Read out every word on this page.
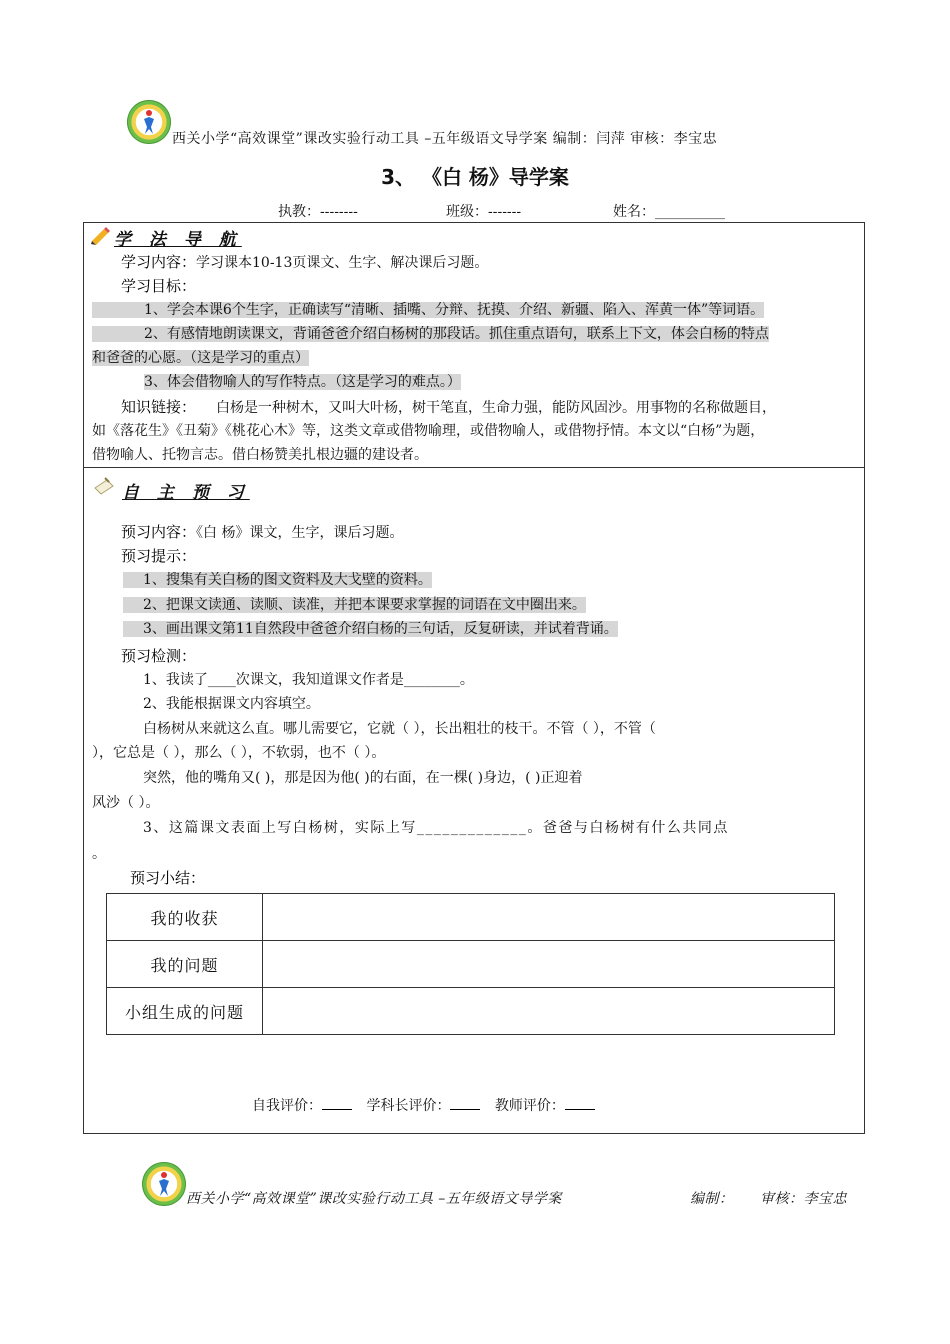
西关小学“高效课堂”课改实验行动工具 –五年级语文导学案 编制：闫萍 审核：李宝忠
3、 《白 杨》导学案
执教：--------	班级：-------	姓名：__________
学 法 导 航
学习内容：学习课本10-13页课文、生字、解决课后习题。
学习目标：
1、学会本课6个生字，正确读写“清晰、插嘴、分辩、抚摸、介绍、新疆、陷入、浑黄一体”等词语。
2、有感情地朗读课文，背诵爸爸介绍白杨树的那段话。抓住重点语句，联系上下文，体会白杨的特点
和爸爸的心愿。（这是学习的重点）
3、体会借物喻人的写作特点。（这是学习的难点。）
知识链接： 白杨是一种树木，又叫大叶杨，树干笔直，生命力强，能防风固沙。用事物的名称做题目，
如《落花生》《丑菊》《桃花心木》等，这类文章或借物喻理，或借物喻人，或借物抒情。本文以“白杨”为题，
借物喻人、托物言志。借白杨赞美扎根边疆的建设者。
自 主 预 习
预习内容：《白 杨》课文，生字，课后习题。
预习提示：
1、搜集有关白杨的图文资料及大戈壁的资料。
2、把课文读通、读顺、读准，并把本课要求掌握的词语在文中圈出来。
3、画出课文第11自然段中爸爸介绍白杨的三句话，反复研读，并试着背诵。
预习检测：
1、我读了____次课文，我知道课文作者是________。
2、我能根据课文内容填空。
白杨树从来就这么直。哪儿需要它，它就（ ），长出粗壮的枝干。不管（ ），不管（
），它总是（ ），那么（ ），不软弱，也不（ ）。
突然，他的嘴角又( )，那是因为他( )的右面，在一棵( )身边，( )正迎着
风沙（ ）。
3、这篇课文表面上写白杨树，实际上写_____________。爸爸与白杨树有什么共同点
。
预习小结：
我的收获	
我的问题	
小组生成的问题	
自我评价：	学科长评价：	教师评价：
西关小学“高效课堂”课改实验行动工具 –五年级语文导学案	编制： 审核：李宝忠
